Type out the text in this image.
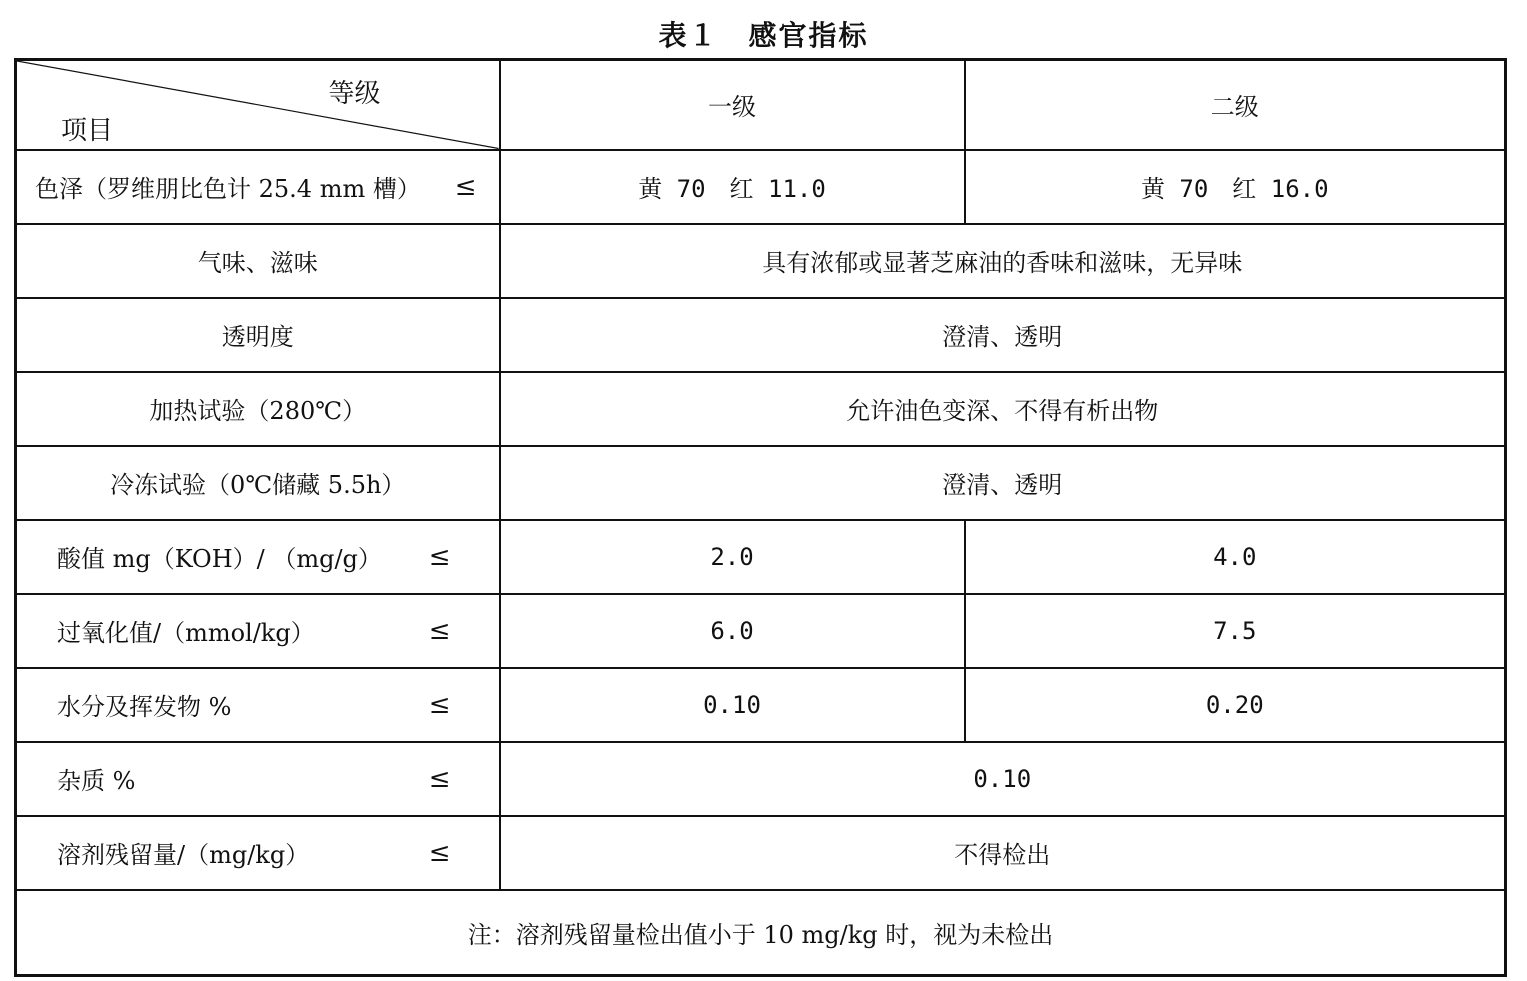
表１　感官指标
等级
项目	一级	二级
色泽（罗维朋比色计 25.4 mm 槽） ≤	黄 70　红 11.0	黄 70　红 16.0
气味、滋味	具有浓郁或显著芝麻油的香味和滋味，无异味	
透明度	澄清、透明	
加热试验（280℃）	允许油色变深、不得有析出物	
冷冻试验（0℃储藏 5.5h）	澄清、透明	
酸值 mg（KOH）/ （mg/g） ≤	2.0	4.0
过氧化值/（mmol/kg） ≤	6.0	7.5
水分及挥发物 % ≤	0.10	0.20
杂质 % ≤	0.10	
溶剂残留量/（mg/kg） ≤	不得检出	
注：溶剂残留量检出值小于 10 mg/kg 时，视为未检出		
